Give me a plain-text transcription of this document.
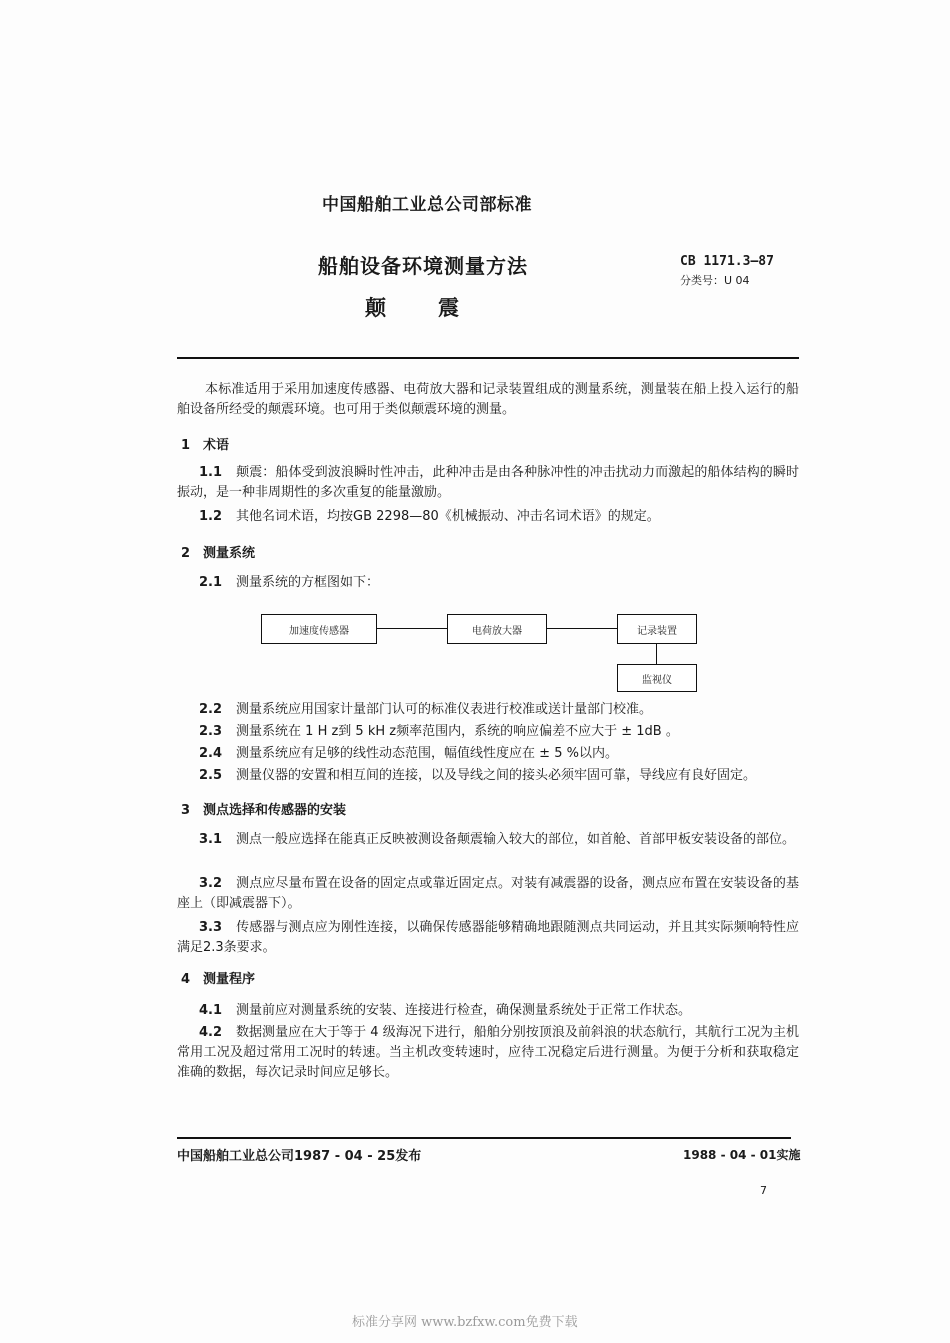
中国船舶工业总公司部标准
船舶设备环境测量方法
颠 震
CB 1171.3—87
分类号：U 04
本标准适用于采用加速度传感器、电荷放大器和记录装置组成的测量系统，测量装在船上投入运行的船舶设备所经受的颠震环境。也可用于类似颠震环境的测量。
1　术语
1.1 颠震：船体受到波浪瞬时性冲击，此种冲击是由各种脉冲性的冲击扰动力而激起的船体结构的瞬时振动，是一种非周期性的多次重复的能量激励。
1.2 其他名词术语，均按GB 2298—80《机械振动、冲击名词术语》的规定。
2　测量系统
2.1 测量系统的方框图如下：
加速度传感器	电荷放大器	记录装置
监视仪
2.2 测量系统应用国家计量部门认可的标准仪表进行校准或送计量部门校准。
2.3 测量系统在 1 H z到 5 kH z频率范围内，系统的响应偏差不应大于 ± 1dB 。
2.4 测量系统应有足够的线性动态范围，幅值线性度应在 ± 5 %以内。
2.5 测量仪器的安置和相互间的连接，以及导线之间的接头必须牢固可靠，导线应有良好固定。
3　测点选择和传感器的安装
3.1 测点一般应选择在能真正反映被测设备颠震输入较大的部位，如首舱、首部甲板安装设备的部位。
3.2 测点应尽量布置在设备的固定点或靠近固定点。对装有减震器的设备，测点应布置在安装设备的基座上（即减震器下）。
3.3 传感器与测点应为刚性连接，以确保传感器能够精确地跟随测点共同运动，并且其实际频响特性应满足2.3条要求。
4　测量程序
4.1 测量前应对测量系统的安装、连接进行检查，确保测量系统处于正常工作状态。
4.2 数据测量应在大于等于 4 级海况下进行，船舶分别按顶浪及前斜浪的状态航行，其航行工况为主机常用工况及超过常用工况时的转速。当主机改变转速时，应待工况稳定后进行测量。为便于分析和获取稳定准确的数据，每次记录时间应足够长。
中国船舶工业总公司1987 - 04 - 25发布	1988 - 04 - 01实施
7
标准分享网 www.bzfxw.com免费下载
